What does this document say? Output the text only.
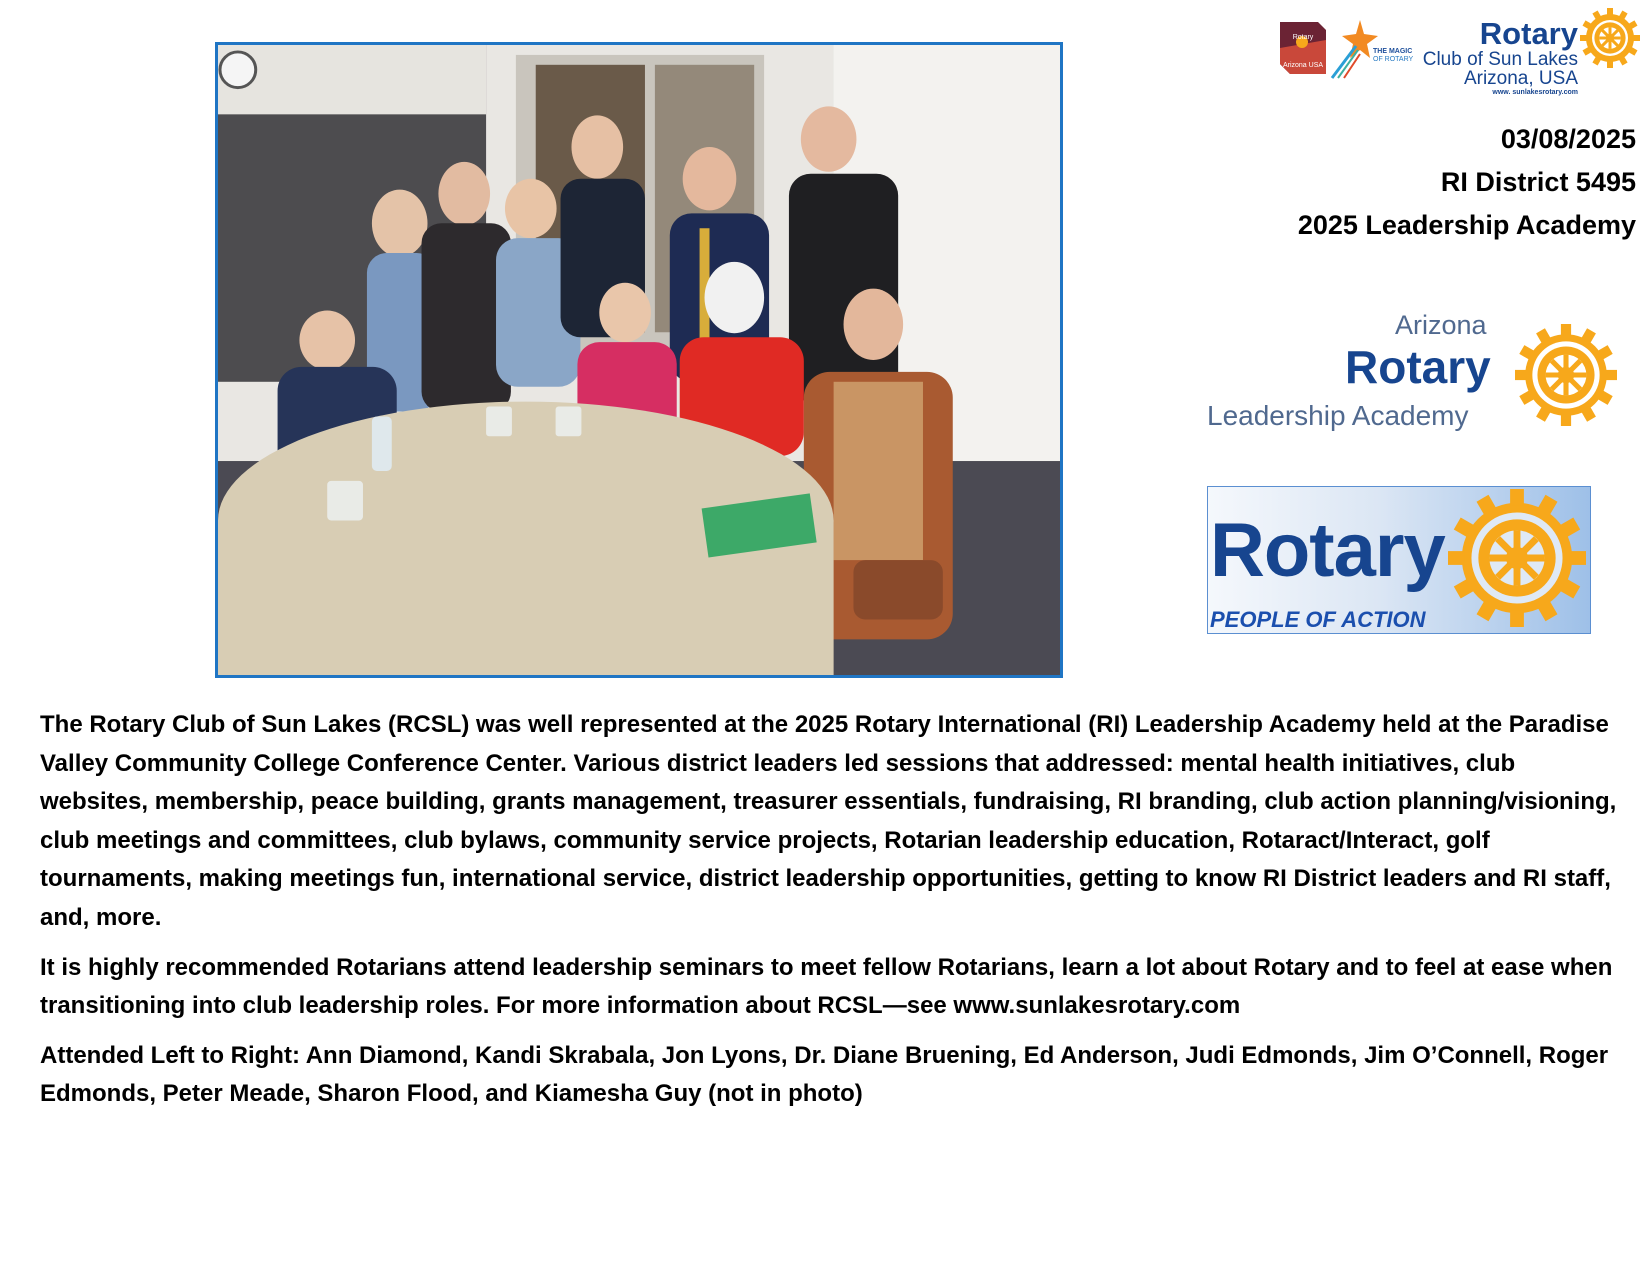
Rotary
Arizona USA
THE MAGIC
OF ROTARY
Rotary
Club of Sun Lakes
Arizona, USA
www. sunlakesrotary.com
03/08/2025
RI District 5495
2025 Leadership Academy
Arizona
Rotary
Leadership Academy
Rotary
PEOPLE OF ACTION

The Rotary Club of Sun Lakes (RCSL) was well represented at the 2025 Rotary International (RI) Leadership Academy held at the Paradise Valley Community College Conference Center. Various district leaders led sessions that addressed: mental health initiatives, club websites, membership, peace building, grants management, treasurer essentials, fundraising, RI branding, club action planning/visioning, club meetings and committees, club bylaws, community service projects, Rotarian leadership education, Rotaract/Interact, golf tournaments, making meetings fun, international service, district leadership opportunities, getting to know RI District leaders and RI staff, and, more.

It is highly recommended Rotarians attend leadership seminars to meet fellow Rotarians, learn a lot about Rotary and to feel at ease when transitioning into club leadership roles. For more information about RCSL—see www.sunlakesrotary.com

Attended Left to Right: Ann Diamond, Kandi Skrabala, Jon Lyons, Dr. Diane Bruening, Ed Anderson, Judi Edmonds, Jim O’Connell, Roger Edmonds, Peter Meade, Sharon Flood, and Kiamesha Guy (not in photo)
